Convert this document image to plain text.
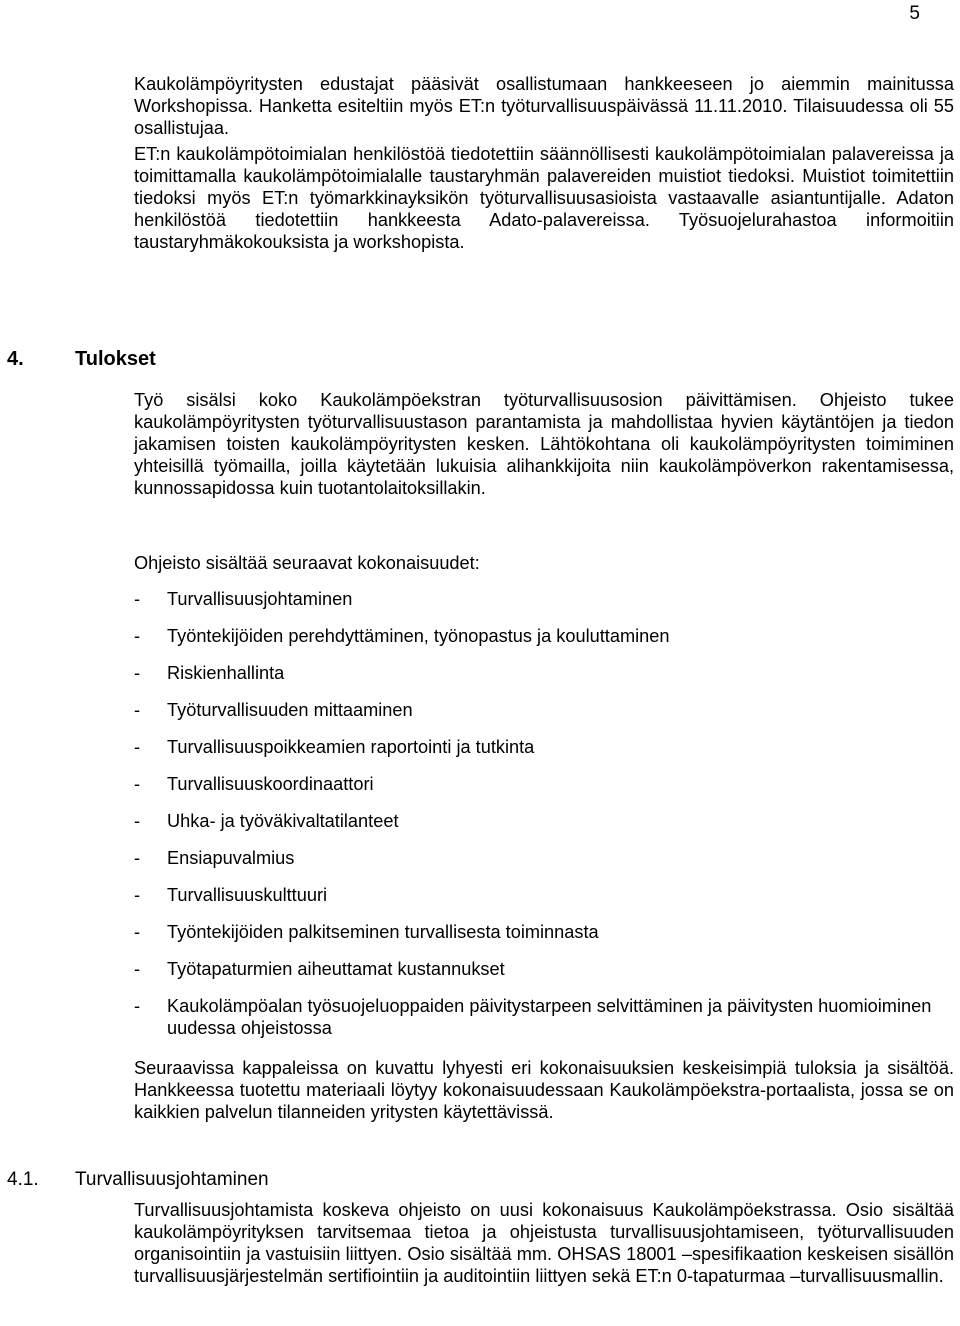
5

Kaukolämpöyritysten edustajat pääsivät osallistumaan hankkeeseen jo aiemmin mainitussa Workshopissa. Hanketta esiteltiin myös ET:n työturvallisuuspäivässä 11.11.2010. Tilaisuudessa oli 55 osallistujaa.

ET:n kaukolämpötoimialan henkilöstöä tiedotettiin säännöllisesti kaukolämpötoimialan palavereissa ja toimittamalla kaukolämpötoimialalle taustaryhmän palavereiden muistiot tiedoksi. Muistiot toimitettiin tiedoksi myös ET:n työmarkkinayksikön työturvallisuusasioista vastaavalle asiantuntijalle. Adaton henkilöstöä tiedotettiin hankkeesta Adato-palavereissa. Työsuojelurahastoa informoitiin taustaryhmäkokouksista ja workshopista.

4.	Tulokset

Työ sisälsi koko Kaukolämpöekstran työturvallisuusosion päivittämisen. Ohjeisto tukee kaukolämpöyritysten työturvallisuustason parantamista ja mahdollistaa hyvien käytäntöjen ja tiedon jakamisen toisten kaukolämpöyritysten kesken. Lähtökohtana oli kaukolämpöyritysten toimiminen yhteisillä työmailla, joilla käytetään lukuisia alihankkijoita niin kaukolämpöverkon rakentamisessa, kunnossapidossa kuin tuotantolaitoksillakin.

Ohjeisto sisältää seuraavat kokonaisuudet:

- Turvallisuusjohtaminen
- Työntekijöiden perehdyttäminen, työnopastus ja kouluttaminen
- Riskienhallinta
- Työturvallisuuden mittaaminen
- Turvallisuuspoikkeamien raportointi ja tutkinta
- Turvallisuuskoordinaattori
- Uhka- ja työväkivaltatilanteet
- Ensiapuvalmius
- Turvallisuuskulttuuri
- Työntekijöiden palkitseminen turvallisesta toiminnasta
- Työtapaturmien aiheuttamat kustannukset
- Kaukolämpöalan työsuojeluoppaiden päivitystarpeen selvittäminen ja päivitysten huomioiminen uudessa ohjeistossa

Seuraavissa kappaleissa on kuvattu lyhyesti eri kokonaisuuksien keskeisimpiä tuloksia ja sisältöä. Hankkeessa tuotettu materiaali löytyy kokonaisuudessaan Kaukolämpöekstra-portaalista, jossa se on kaikkien palvelun tilanneiden yritysten käytettävissä.

4.1. Turvallisuusjohtaminen

Turvallisuusjohtamista koskeva ohjeisto on uusi kokonaisuus Kaukolämpöekstrassa. Osio sisältää kaukolämpöyrityksen tarvitsemaa tietoa ja ohjeistusta turvallisuusjohtamiseen, työturvallisuuden organisointiin ja vastuisiin liittyen. Osio sisältää mm. OHSAS 18001 –spesifikaation keskeisen sisällön turvallisuusjärjestelmän sertifiointiin ja auditointiin liittyen sekä ET:n 0-tapaturmaa –turvallisuusmallin.
